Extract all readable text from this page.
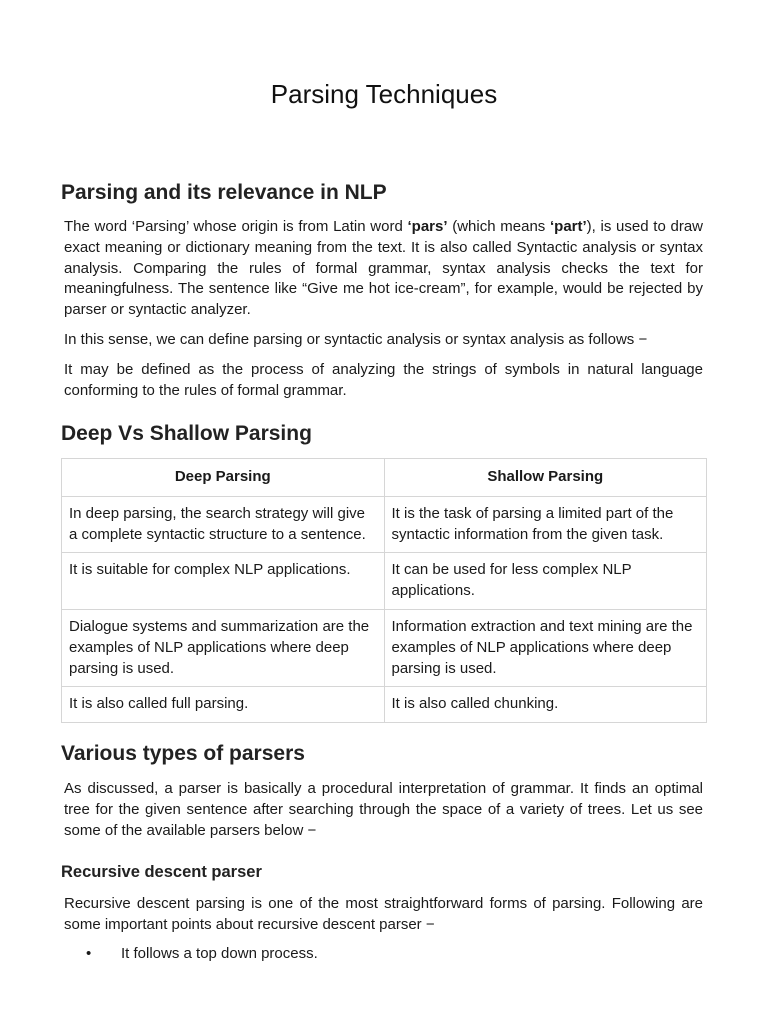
Parsing Techniques
Parsing and its relevance in NLP

The word ‘Parsing’ whose origin is from Latin word ‘pars’ (which means ‘part’), is used to draw exact meaning or dictionary meaning from the text. It is also called Syntactic analysis or syntax analysis. Comparing the rules of formal grammar, syntax analysis checks the text for meaningfulness. The sentence like “Give me hot ice-cream”, for example, would be rejected by parser or syntactic analyzer.

In this sense, we can define parsing or syntactic analysis or syntax analysis as follows −

It may be defined as the process of analyzing the strings of symbols in natural language conforming to the rules of formal grammar.

Deep Vs Shallow Parsing
Deep Parsing	Shallow Parsing
In deep parsing, the search strategy will give a complete syntactic structure to a sentence.	It is the task of parsing a limited part of the syntactic information from the given task.
It is suitable for complex NLP applications.	It can be used for less complex NLP applications.
Dialogue systems and summarization are the examples of NLP applications where deep parsing is used.	Information extraction and text mining are the examples of NLP applications where deep parsing is used.
It is also called full parsing.	It is also called chunking.
Various types of parsers

As discussed, a parser is basically a procedural interpretation of grammar. It finds an optimal tree for the given sentence after searching through the space of a variety of trees. Let us see some of the available parsers below −

Recursive descent parser

Recursive descent parsing is one of the most straightforward forms of parsing. Following are some important points about recursive descent parser −

• It follows a top down process.
